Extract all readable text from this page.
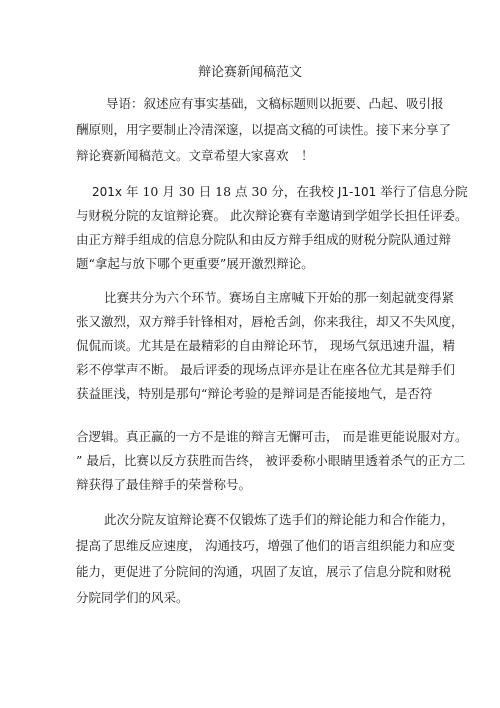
辩论赛新闻稿范文
导语：叙述应有事实基础，文稿标题则以扼要、凸起、吸引报
酬原则，用字要制止冷清深邃，以提高文稿的可读性。接下来分享了
辩论赛新闻稿范文。文章希望大家喜欢　！
201x 年 10 月 30 日 18 点 30 分，在我校 J1-101 举行了信息分院
与财税分院的友谊辩论赛。 此次辩论赛有幸邀请到学姐学长担任评委。
由正方辩手组成的信息分院队和由反方辩手组成的财税分院队通过辩
题“拿起与放下哪个更重要”展开激烈辩论。
比赛共分为六个环节。赛场自主席喊下开始的那一刻起就变得紧
张又激烈，双方辩手针锋相对，唇枪舌剑，你来我往，却又不失风度，
侃侃而谈。尤其是在最精彩的自由辩论环节， 现场气氛迅速升温，精
彩不停掌声不断。 最后评委的现场点评亦是让在座各位尤其是辩手们
获益匪浅，特别是那句“辩论考验的是辩词是否能接地气，是否符
合逻辑。真正赢的一方不是谁的辩言无懈可击， 而是谁更能说服对方。
” 最后，比赛以反方获胜而告终， 被评委称小眼睛里透着杀气的正方二
辩获得了最佳辩手的荣誉称号。
此次分院友谊辩论赛不仅锻炼了选手们的辩论能力和合作能力，
提高了思维反应速度， 沟通技巧，增强了他们的语言组织能力和应变
能力，更促进了分院间的沟通，巩固了友谊，展示了信息分院和财税
分院同学们的风采。
